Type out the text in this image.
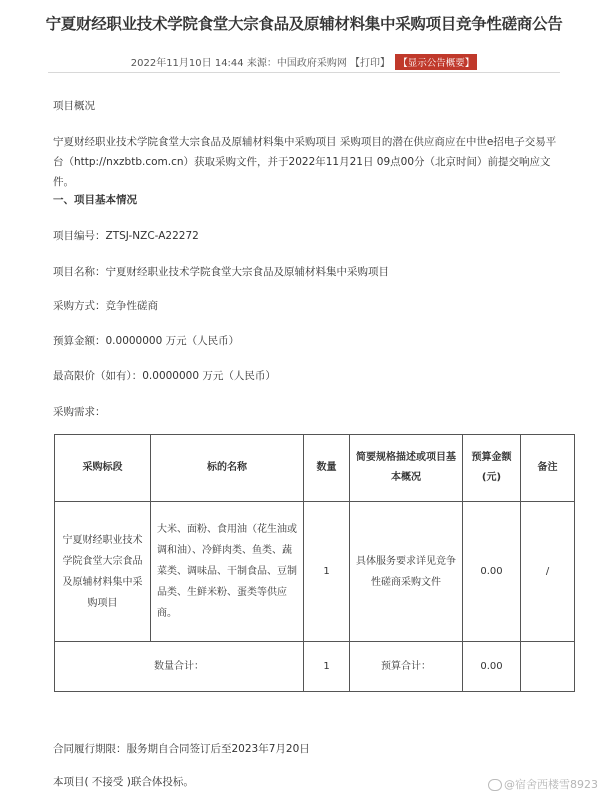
宁夏财经职业技术学院食堂大宗食品及原辅材料集中采购项目竞争性磋商公告
2022年11月10日 14:44 来源：中国政府采购网 【打印】 【显示公告概要】
项目概况
宁夏财经职业技术学院食堂大宗食品及原辅材料集中采购项目 采购项目的潜在供应商应在中世e招电子交易平台（http://nxzbtb.com.cn）获取采购文件，并于2022年11月21日 09点00分（北京时间）前提交响应文件。
一、项目基本情况
项目编号：ZTSJ-NZC-A22272
项目名称：宁夏财经职业技术学院食堂大宗食品及原辅材料集中采购项目
采购方式：竞争性磋商
预算金额：0.0000000 万元（人民币）
最高限价（如有）：0.0000000 万元（人民币）
采购需求：
采购标段	标的名称	数量	简要规格描述或项目基本概况	预算金额(元)	备注
宁夏财经职业技术学院食堂大宗食品及原辅材料集中采购项目	大米、面粉、食用油（花生油或调和油）、冷鲜肉类、鱼类、蔬菜类、调味品、干制食品、豆制品类、生鲜米粉、蛋类等供应商。	1	具体服务要求详见竞争性磋商采购文件	0.00	/
数量合计：		1	预算合计：	0.00	
合同履行期限：服务期自合同签订后至2023年7月20日
本项目( 不接受 )联合体投标。	@宿舍西楼雪8923
